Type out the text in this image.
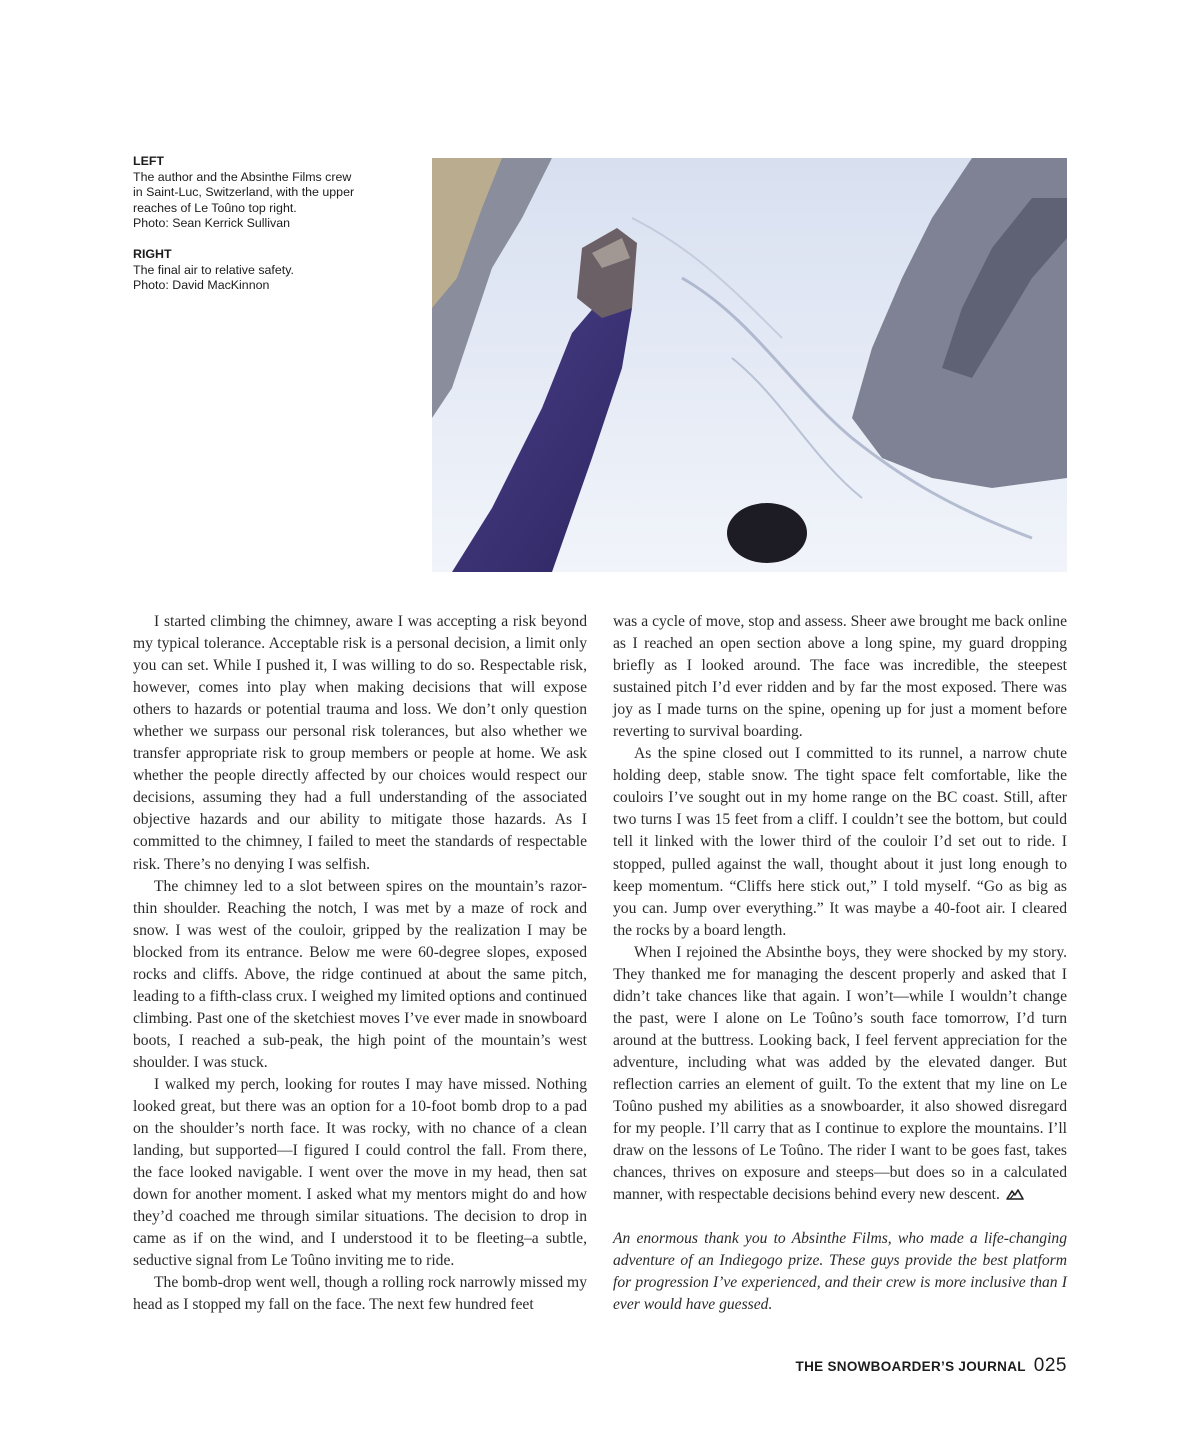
LEFT
The author and the Absinthe Films crew
in Saint-Luc, Switzerland, with the upper
reaches of Le Toûno top right.
Photo: Sean Kerrick Sullivan
RIGHT
The final air to relative safety.
Photo: David MacKinnon

I started climbing the chimney, aware I was accepting a risk beyond my typical tolerance. Acceptable risk is a personal decision, a limit only you can set. While I pushed it, I was willing to do so. Respectable risk, however, comes into play when making decisions that will expose others to hazards or potential trauma and loss. We don’t only question whether we surpass our personal risk tolerances, but also whether we transfer appropriate risk to group members or people at home. We ask whether the people directly affected by our choices would respect our decisions, assuming they had a full understanding of the associated objective hazards and our ability to mitigate those hazards. As I committed to the chimney, I failed to meet the standards of respectable risk. There’s no denying I was selfish.

The chimney led to a slot between spires on the mountain’s razor-thin shoulder. Reaching the notch, I was met by a maze of rock and snow. I was west of the couloir, gripped by the realization I may be blocked from its entrance. Below me were 60-degree slopes, exposed rocks and cliffs. Above, the ridge continued at about the same pitch, leading to a fifth-class crux. I weighed my limited options and continued climbing. Past one of the sketchiest moves I’ve ever made in snowboard boots, I reached a sub-peak, the high point of the mountain’s west shoulder. I was stuck.

I walked my perch, looking for routes I may have missed. Nothing looked great, but there was an option for a 10-foot bomb drop to a pad on the shoulder’s north face. It was rocky, with no chance of a clean landing, but supported—I figured I could control the fall. From there, the face looked navigable. I went over the move in my head, then sat down for another moment. I asked what my mentors might do and how they’d coached me through similar situations. The decision to drop in came as if on the wind, and I understood it to be fleeting–a subtle, seductive signal from Le Toûno inviting me to ride.

The bomb-drop went well, though a rolling rock narrowly missed my head as I stopped my fall on the face. The next few hundred feet

was a cycle of move, stop and assess. Sheer awe brought me back online as I reached an open section above a long spine, my guard dropping briefly as I looked around. The face was incredible, the steepest sustained pitch I’d ever ridden and by far the most exposed. There was joy as I made turns on the spine, opening up for just a moment before reverting to survival boarding.

As the spine closed out I committed to its runnel, a narrow chute holding deep, stable snow. The tight space felt comfortable, like the couloirs I’ve sought out in my home range on the BC coast. Still, after two turns I was 15 feet from a cliff. I couldn’t see the bottom, but could tell it linked with the lower third of the couloir I’d set out to ride. I stopped, pulled against the wall, thought about it just long enough to keep momentum. “Cliffs here stick out,” I told myself. “Go as big as you can. Jump over everything.” It was maybe a 40-foot air. I cleared the rocks by a board length.

When I rejoined the Absinthe boys, they were shocked by my story. They thanked me for managing the descent properly and asked that I didn’t take chances like that again. I won’t—while I wouldn’t change the past, were I alone on Le Toûno’s south face tomorrow, I’d turn around at the buttress. Looking back, I feel fervent appreciation for the adventure, including what was added by the elevated danger. But reflection carries an element of guilt. To the extent that my line on Le Toûno pushed my abilities as a snowboarder, it also showed disregard for my people. I’ll carry that as I continue to explore the mountains. I’ll draw on the lessons of Le Toûno. The rider I want to be goes fast, takes chances, thrives on exposure and steeps—but does so in a calculated manner, with respectable decisions behind every new descent.

An enormous thank you to Absinthe Films, who made a life-changing adventure of an Indiegogo prize. These guys provide the best platform for progression I’ve experienced, and their crew is more inclusive than I ever would have guessed.

THE SNOWBOARDER’S JOURNAL 025
